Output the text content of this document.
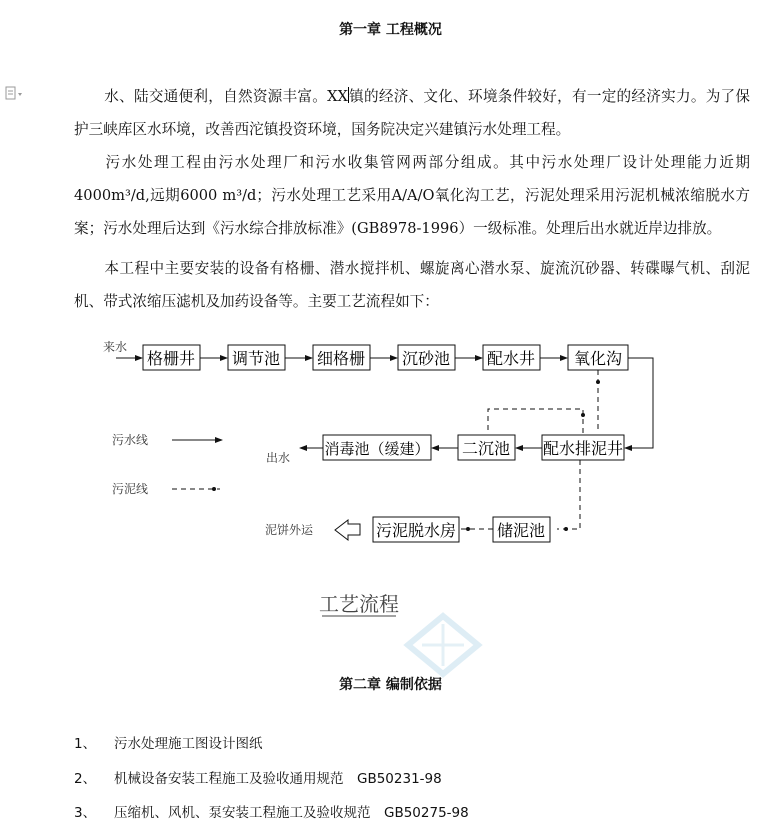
第一章 工程概况
水、陆交通便利，自然资源丰富。XX镇的经济、文化、环境条件较好，有一定的经济实力。为了保护三峡库区水环境，改善西沱镇投资环境，国务院决定兴建镇污水处理工程。
污水处理工程由污水处理厂和污水收集管网两部分组成。其中污水处理厂设计处理能力近期4000m³/d,远期6000 m³/d；污水处理工艺采用A/A/O氧化沟工艺，污泥处理采用污泥机械浓缩脱水方案；污水处理后达到《污水综合排放标准》(GB8978-1996）一级标准。处理后出水就近岸边排放。
本工程中主要安装的设备有格栅、潜水搅拌机、螺旋离心潜水泵、旋流沉砂器、转碟曝气机、刮泥机、带式浓缩压滤机及加药设备等。主要工艺流程如下：
来水
格栅井 调节池 细格栅 沉砂池 配水井 氧化沟
配水排泥井
二沉池
消毒池（缓建）
出水
储泥池
污泥脱水房
泥饼外运
污水线
污泥线
工艺流程
第二章 编制依据
1、 污水处理施工图设计图纸
2、 机械设备安装工程施工及验收通用规范　GB50231-98
3、 压缩机、风机、泵安装工程施工及验收规范　GB50275-98
